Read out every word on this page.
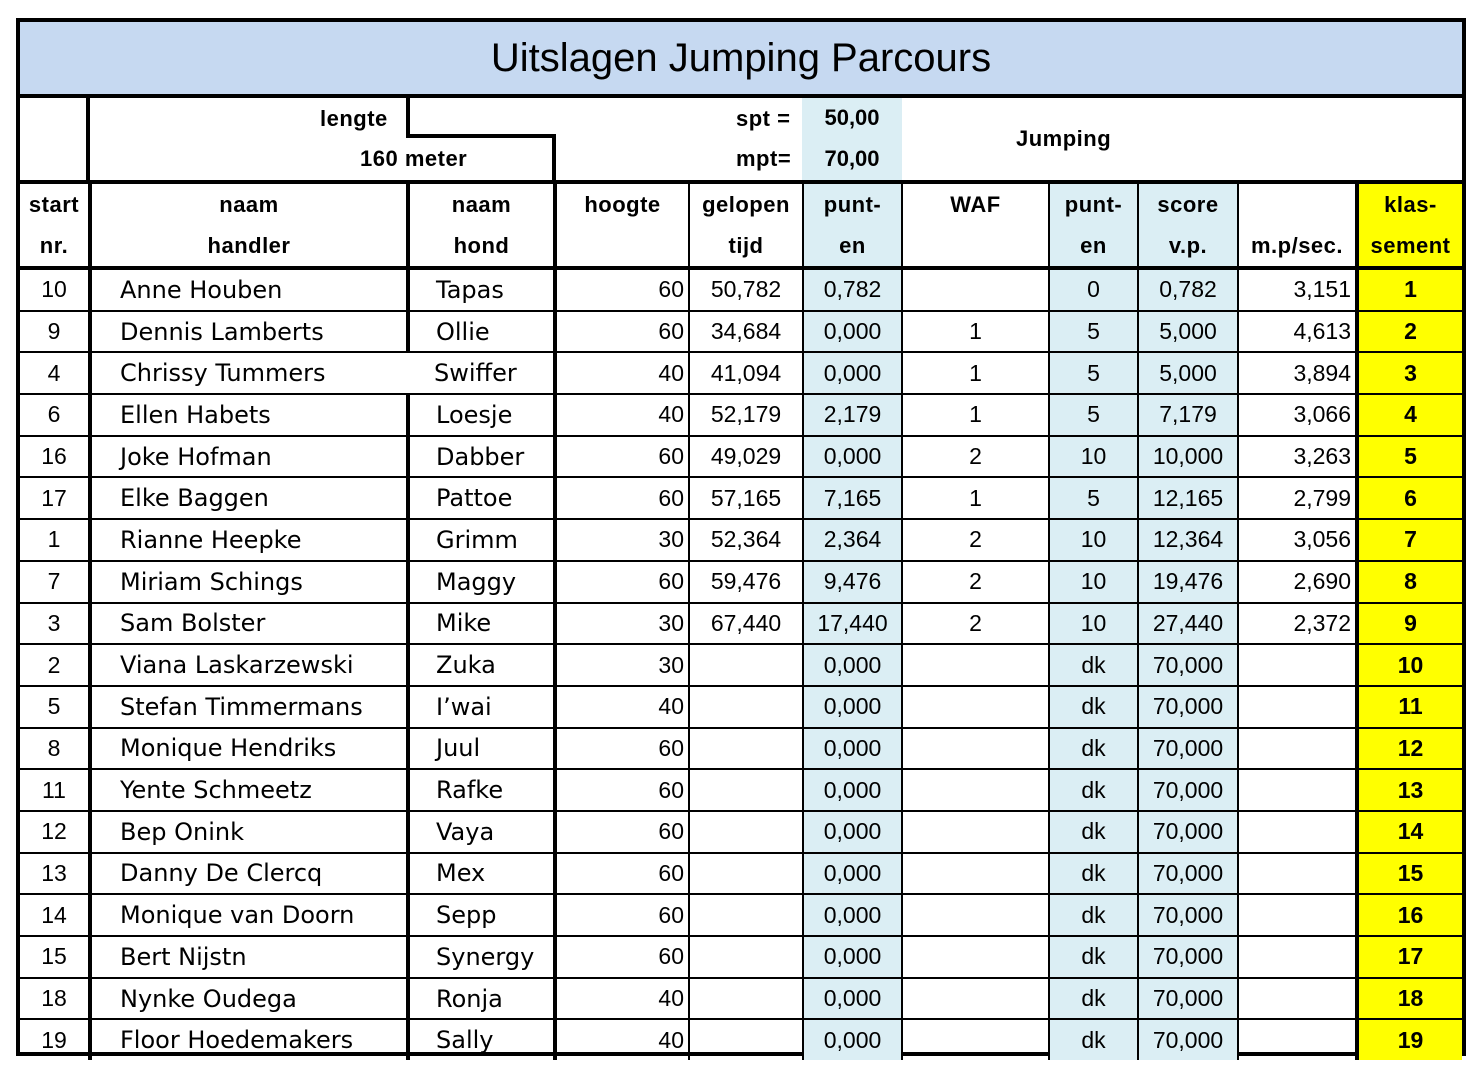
Uitslagen Jumping Parcours
lengte
160 meter
spt =	50,00
mpt=	70,00
Jumping
start	naam	naam	hoogte	gelopen	punt-	WAF	punt-	score		klas-
nr.	handler	hond		tijd	en		en	v.p.	m.p/sec.	sement
10	Anne Houben	Tapas	60	50,782	0,782		0	0,782	3,151	1
9	Dennis Lamberts	Ollie	60	34,684	0,000	1	5	5,000	4,613	2
4	Chrissy Tummers	Swiffer	40	41,094	0,000	1	5	5,000	3,894	3
6	Ellen Habets	Loesje	40	52,179	2,179	1	5	7,179	3,066	4
16	Joke Hofman	Dabber	60	49,029	0,000	2	10	10,000	3,263	5
17	Elke Baggen	Pattoe	60	57,165	7,165	1	5	12,165	2,799	6
1	Rianne Heepke	Grimm	30	52,364	2,364	2	10	12,364	3,056	7
7	Miriam Schings	Maggy	60	59,476	9,476	2	10	19,476	2,690	8
3	Sam Bolster	Mike	30	67,440	17,440	2	10	27,440	2,372	9
2	Viana Laskarzewski	Zuka	30		0,000		dk	70,000		10
5	Stefan Timmermans	I’wai	40		0,000		dk	70,000		11
8	Monique Hendriks	Juul	60		0,000		dk	70,000		12
11	Yente Schmeetz	Rafke	60		0,000		dk	70,000		13
12	Bep Onink	Vaya	60		0,000		dk	70,000		14
13	Danny De Clercq	Mex	60		0,000		dk	70,000		15
14	Monique van Doorn	Sepp	60		0,000		dk	70,000		16
15	Bert Nijstn	Synergy	60		0,000		dk	70,000		17
18	Nynke Oudega	Ronja	40		0,000		dk	70,000		18
19	Floor Hoedemakers	Sally	40		0,000		dk	70,000		19
